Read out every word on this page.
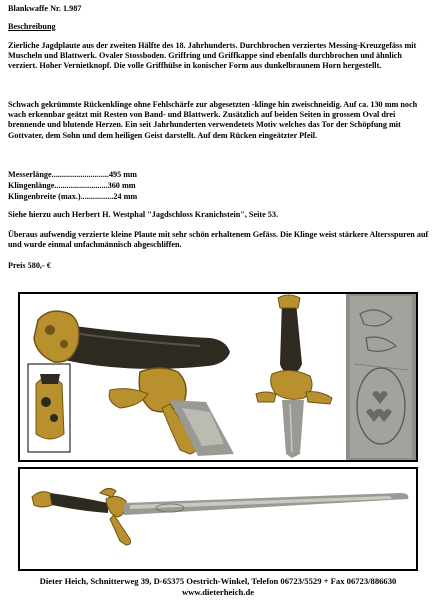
Blankwaffe Nr. 1.987
Beschreibung
Zierliche Jagdplaute aus der zweiten Hälfte des 18. Jahrhunderts. Durchbrochen verziertes Messing-Kreuzgefäss mit Muscheln und Blattwerk. Ovaler Stossboden. Griffring und Griffkappe sind ebenfalls durchbrochen und ähnlich verziert. Hoher Vernietknopf. Die volle Griffhülse in konischer Form aus dunkelbraunem Horn hergestellt.
Schwach gekrümmte Rückenklinge ohne Fehlschärfe zur abgesetzten -klinge hin zweischneidig. Auf ca. 130 mm noch wach erkennbar geätzt mit Resten von Band- und Blattwerk. Zusätzlich auf beiden Seiten in grossem Oval drei brennende und blutende Herzen. Ein seit Jahrhunderten verwendetets Motiv welches das Tor der Schöpfung mit Gottvater, dem Sohn und dem heiligen Geist darstellt. Auf dem Rücken eingeätzter Pfeil.
Messerlänge............................495 mm
Klingenlänge..........................360 mm
Klingenbreite (max.)................24 mm
Siehe hierzu auch Herbert H. Westphal "Jagdschloss Kranichstein", Seite 53.
Überaus aufwendig verzierte kleine Plaute mit sehr schön erhaltenem Gefäss. Die Klinge weist stärkere Altersspuren auf und wurde einmal unfachmännisch abgeschliffen.
Preis 580,- €
Dieter Heich, Schnitterweg 39, D-65375 Oestrich-Winkel, Telefon 06723/5529 + Fax 06723/886630
www.dieterheich.de
